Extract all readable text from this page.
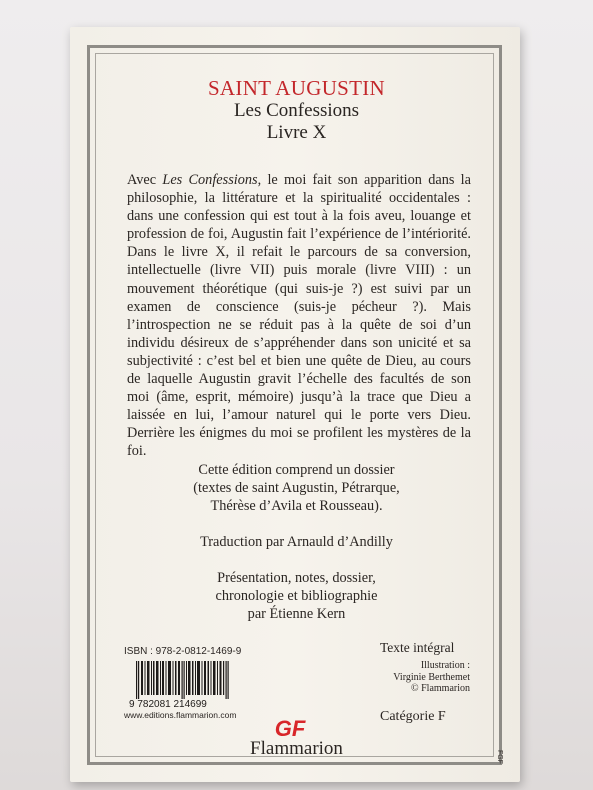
SAINT AUGUSTIN
Les Confessions
Livre X
Avec Les Confessions, le moi fait son apparition dans la philosophie, la littérature et la spiritualité occidentales : dans une confession qui est tout à la fois aveu, louange et profession de foi, Augustin fait l’expérience de l’intériorité. Dans le livre X, il refait le parcours de sa conversion, intellectuelle (livre VII) puis morale (livre VIII) : un mouvement théorétique (qui suis-je ?) est suivi par un examen de conscience (suis-je pécheur ?). Mais l’introspection ne se réduit pas à la quête de soi d’un individu désireux de s’appréhender dans son unicité et sa subjectivité : c’est bel et bien une quête de Dieu, au cours de laquelle Augustin gravit l’échelle des facultés de son moi (âme, esprit, mémoire) jusqu’à la trace que Dieu a laissée en lui, l’amour naturel qui le porte vers Dieu. Derrière les énigmes du moi se profilent les mystères de la foi.
Cette édition comprend un dossier
(textes de saint Augustin, Pétrarque,
Thérèse d’Avila et Rousseau).
Traduction par Arnauld d’Andilly
Présentation, notes, dossier,
chronologie et bibliographie
par Étienne Kern
ISBN : 978-2-0812-1469-9
9 782081 214699
www.editions.flammarion.com
Texte intégral
Illustration :
Virginie Berthemet
© Flammarion
Catégorie F
GF
Flammarion	FGF
